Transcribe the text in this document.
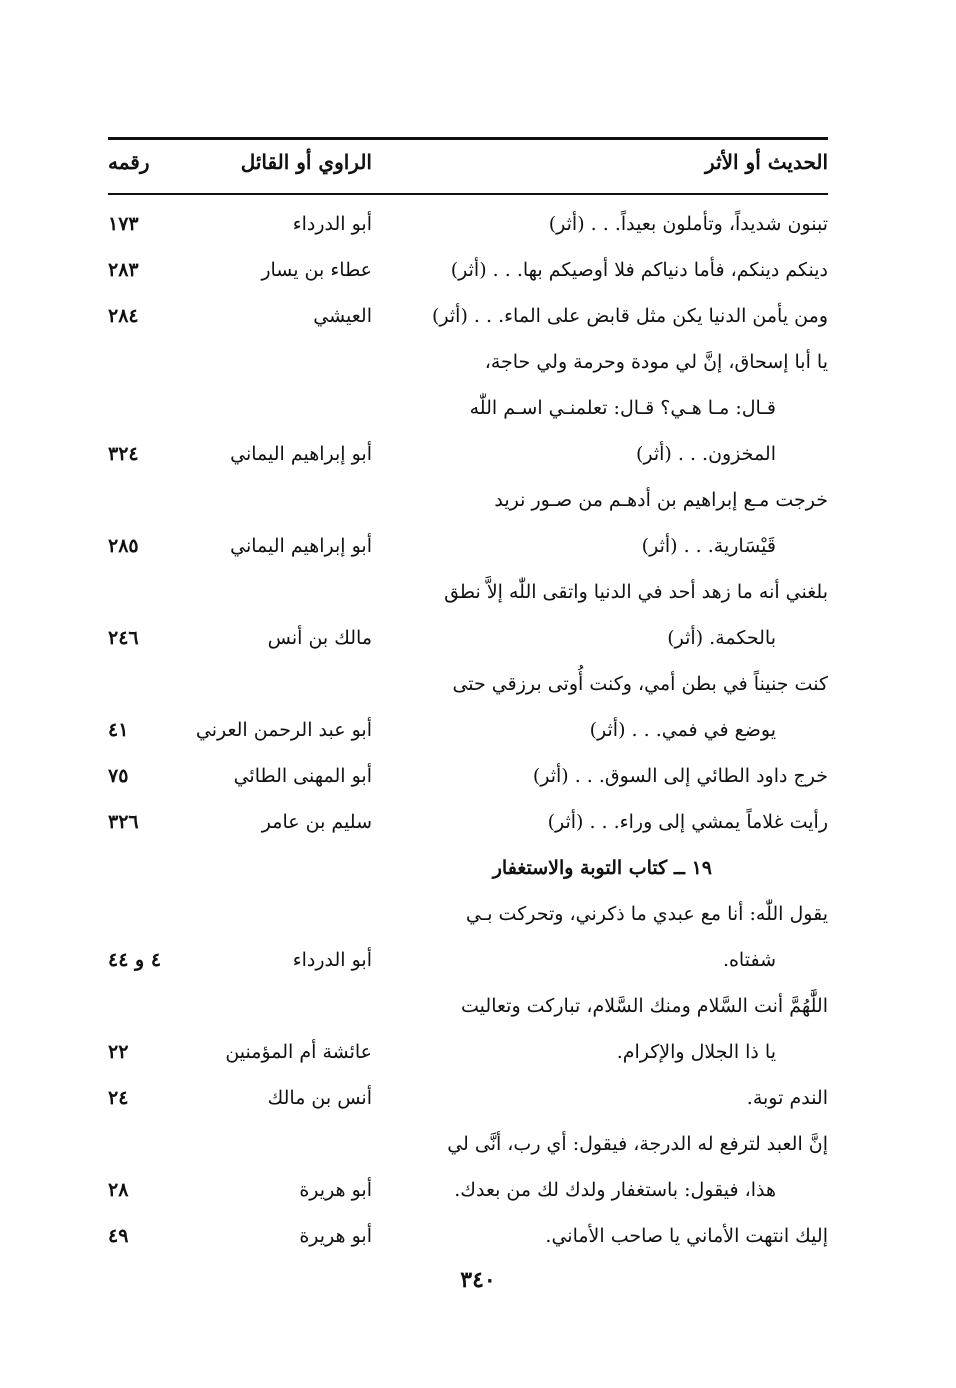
الحديث أو الأثر
الراوي أو القائل
رقمه
تبنون شديداً، وتأملون بعيداً. . . (أثر)
أبو الدرداء
١٧٣
دينكم دينكم، فأما دنياكم فلا أوصيكم بها. . . (أثر)
عطاء بن يسار
٢٨٣
ومن يأمن الدنيا يكن مثل قابض على الماء. . . (أثر)
العيشي
٢٨٤
يا أبا إسحاق، إنَّ لي مودة وحرمة ولي حاجة،
قـال: مـا هـي؟ قـال: تعلمنـي اسـم اللّٰه
المخزون. . . (أثر)
أبو إبراهيم اليماني
٣٢٤
خرجت مـع إبراهيم بن أدهـم من صـور نريد
قَيْسَارية. . . (أثر)
أبو إبراهيم اليماني
٢٨٥
بلغني أنه ما زهد أحد في الدنيا واتقى اللّٰه إلاَّ نطق
بالحكمة. (أثر)
مالك بن أنس
٢٤٦
كنت جنيناً في بطن أمي، وكنت أُوتى برزقي حتى
يوضع في فمي. . . (أثر)
أبو عبد الرحمن العرني
٤١
خرج داود الطائي إلى السوق. . . (أثر)
أبو المهنى الطائي
٧٥
رأيت غلاماً يمشي إلى وراء. . . (أثر)
سليم بن عامر
٣٢٦
١٩ ــ كتاب التوبة والاستغفار
يقول اللّٰه: أنا مع عبدي ما ذكرني، وتحركت بـي
شفتاه.
أبو الدرداء
٤ و ٤٤
اللَّٰهُمَّ أنت السَّلام ومنك السَّلام، تباركت وتعاليت
يا ذا الجلال والإكرام.
عائشة أم المؤمنين
٢٢
الندم توبة.
أنس بن مالك
٢٤
إنَّ العبد لترفع له الدرجة، فيقول: أي رب، أنَّى لي
هذا، فيقول: باستغفار ولدك لك من بعدك.
أبو هريرة
٢٨
إليك انتهت الأماني يا صاحب الأماني.
أبو هريرة
٤٩
٣٤٠
